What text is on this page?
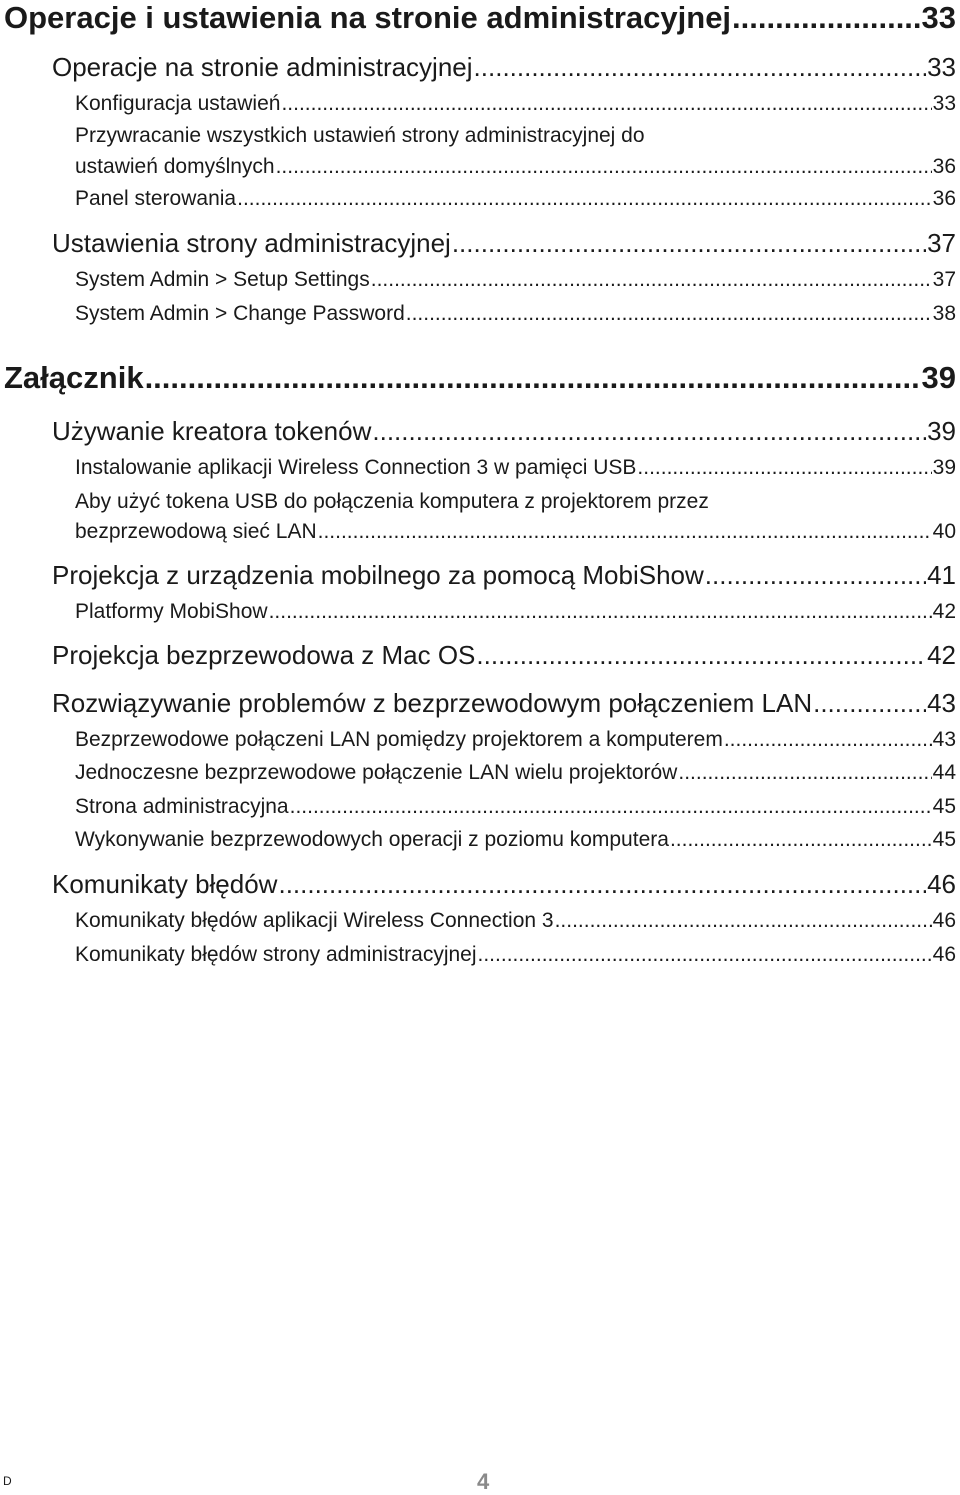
Operacje i ustawienia na stronie administracyjnej .....	33
Operacje na stronie administracyjnej .....	33
Konfiguracja ustawień .....	33
Przywracanie wszystkich ustawień strony administracyjnej do
ustawień domyślnych .....	36
Panel sterowania .....	36
Ustawienia strony administracyjnej .....	37
System Admin > Setup Settings .....	37
System Admin > Change Password .....	38
Załącznik .....	39
Używanie kreatora tokenów .....	39
Instalowanie aplikacji Wireless Connection 3 w pamięci USB .....	39
Aby użyć tokena USB do połączenia komputera z projektorem przez
bezprzewodową sieć LAN .....	40
Projekcja z urządzenia mobilnego za pomocą MobiShow .....	41
Platformy MobiShow .....	42
Projekcja bezprzewodowa z Mac OS .....	42
Rozwiązywanie problemów z bezprzewodowym połączeniem LAN .....	43
Bezprzewodowe połączeni LAN pomiędzy projektorem a komputerem .....	43
Jednoczesne bezprzewodowe połączenie LAN wielu projektorów .....	44
Strona administracyjna .....	45
Wykonywanie bezprzewodowych operacji z poziomu komputera .....	45
Komunikaty błędów .....	46
Komunikaty błędów aplikacji Wireless Connection 3 .....	46
Komunikaty błędów strony administracyjnej .....	46
D	4
